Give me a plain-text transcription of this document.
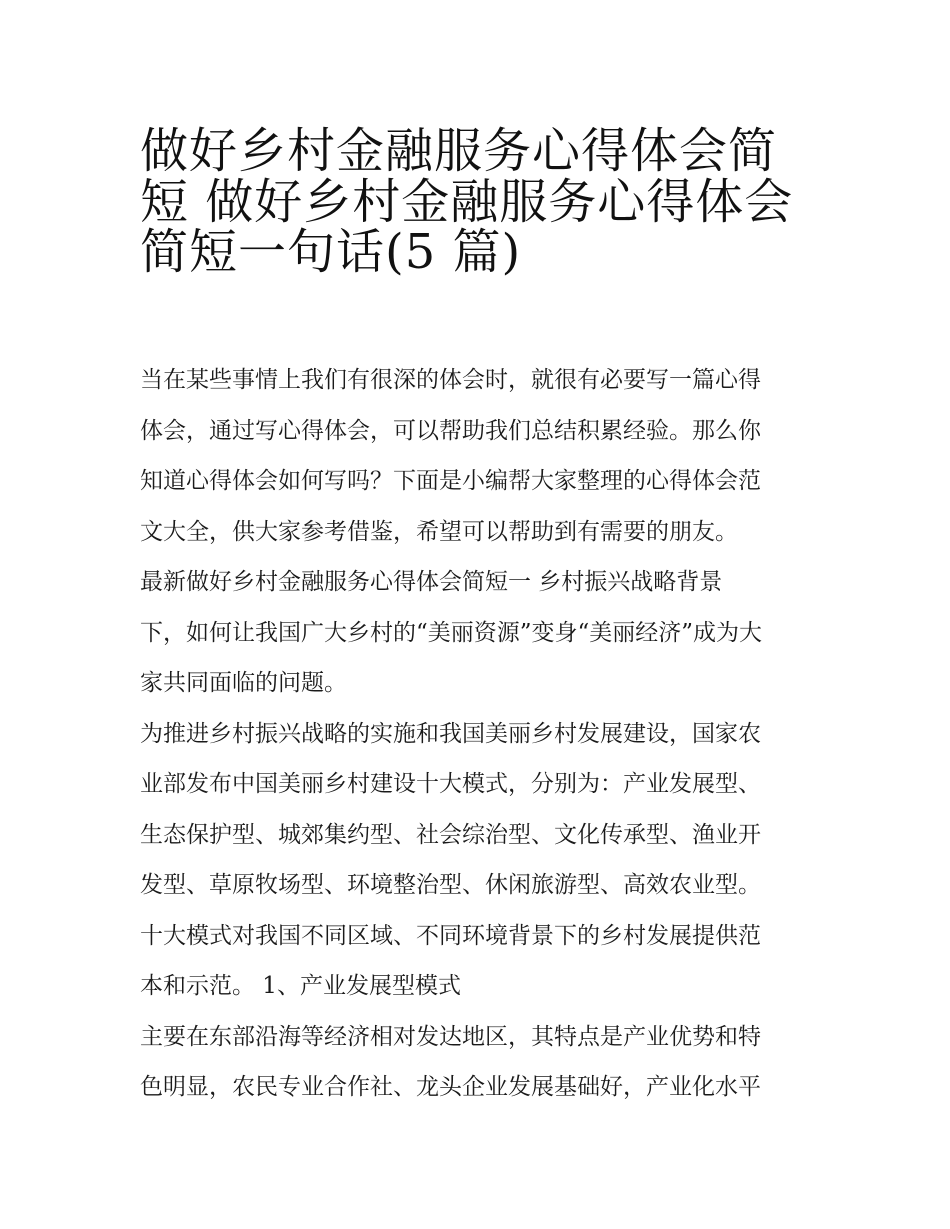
做好乡村金融服务心得体会简
短 做好乡村金融服务心得体会
简短一句话(5 篇)

当在某些事情上我们有很深的体会时，就很有必要写一篇心得
体会，通过写心得体会，可以帮助我们总结积累经验。那么你
知道心得体会如何写吗？下面是小编帮大家整理的心得体会范
文大全，供大家参考借鉴，希望可以帮助到有需要的朋友。

最新做好乡村金融服务心得体会简短一 乡村振兴战略背景
下，如何让我国广大乡村的“美丽资源”变身“美丽经济”成为大
家共同面临的问题。

为推进乡村振兴战略的实施和我国美丽乡村发展建设，国家农
业部发布中国美丽乡村建设十大模式，分别为：产业发展型、
生态保护型、城郊集约型、社会综治型、文化传承型、渔业开
发型、草原牧场型、环境整治型、休闲旅游型、高效农业型。
十大模式对我国不同区域、不同环境背景下的乡村发展提供范
本和示范。 1、产业发展型模式

主要在东部沿海等经济相对发达地区，其特点是产业优势和特
色明显，农民专业合作社、龙头企业发展基础好，产业化水平
